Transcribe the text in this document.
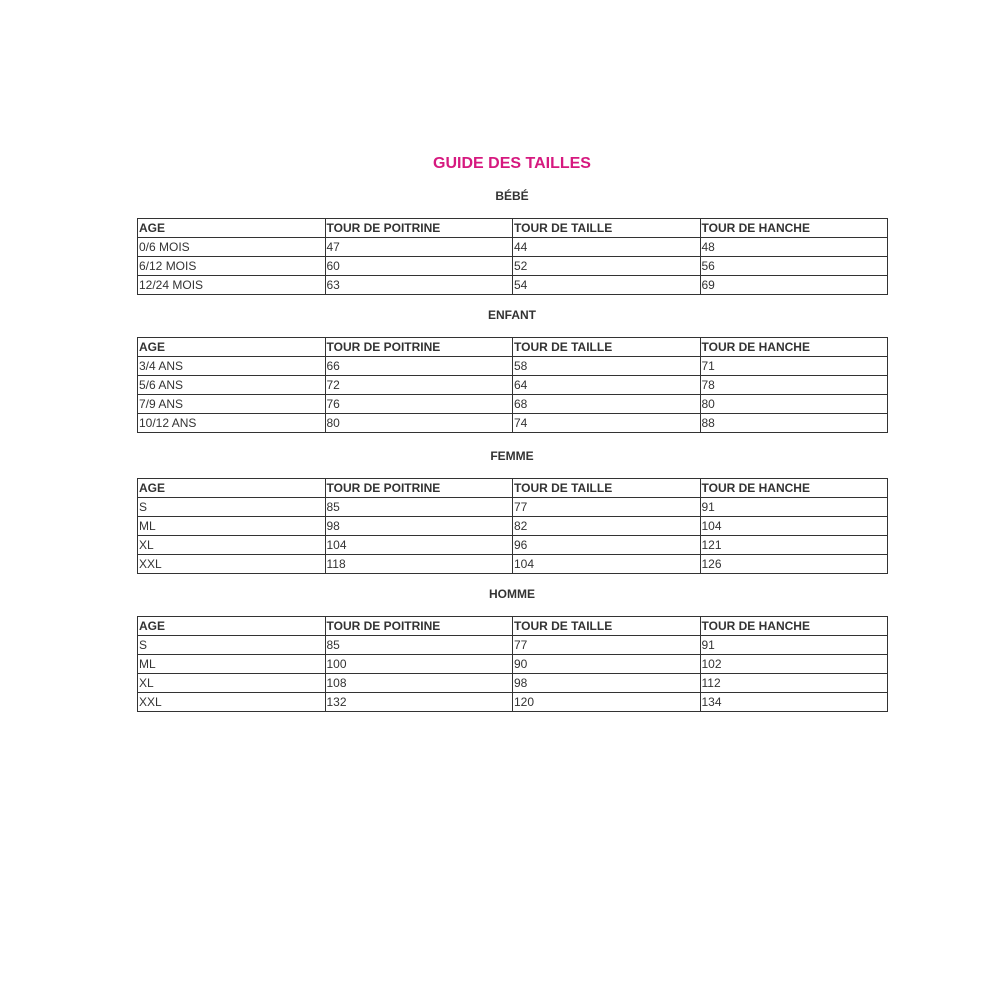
GUIDE DES TAILLES
BÉBÉ
AGE	TOUR DE POITRINE	TOUR DE TAILLE	TOUR DE HANCHE
0/6 MOIS	47	44	48
6/12 MOIS	60	52	56
12/24 MOIS	63	54	69
ENFANT
AGE	TOUR DE POITRINE	TOUR DE TAILLE	TOUR DE HANCHE
3/4 ANS	66	58	71
5/6 ANS	72	64	78
7/9 ANS	76	68	80
10/12 ANS	80	74	88
FEMME
AGE	TOUR DE POITRINE	TOUR DE TAILLE	TOUR DE HANCHE
S	85	77	91
ML	98	82	104
XL	104	96	121
XXL	118	104	126
HOMME
AGE	TOUR DE POITRINE	TOUR DE TAILLE	TOUR DE HANCHE
S	85	77	91
ML	100	90	102
XL	108	98	112
XXL	132	120	134
